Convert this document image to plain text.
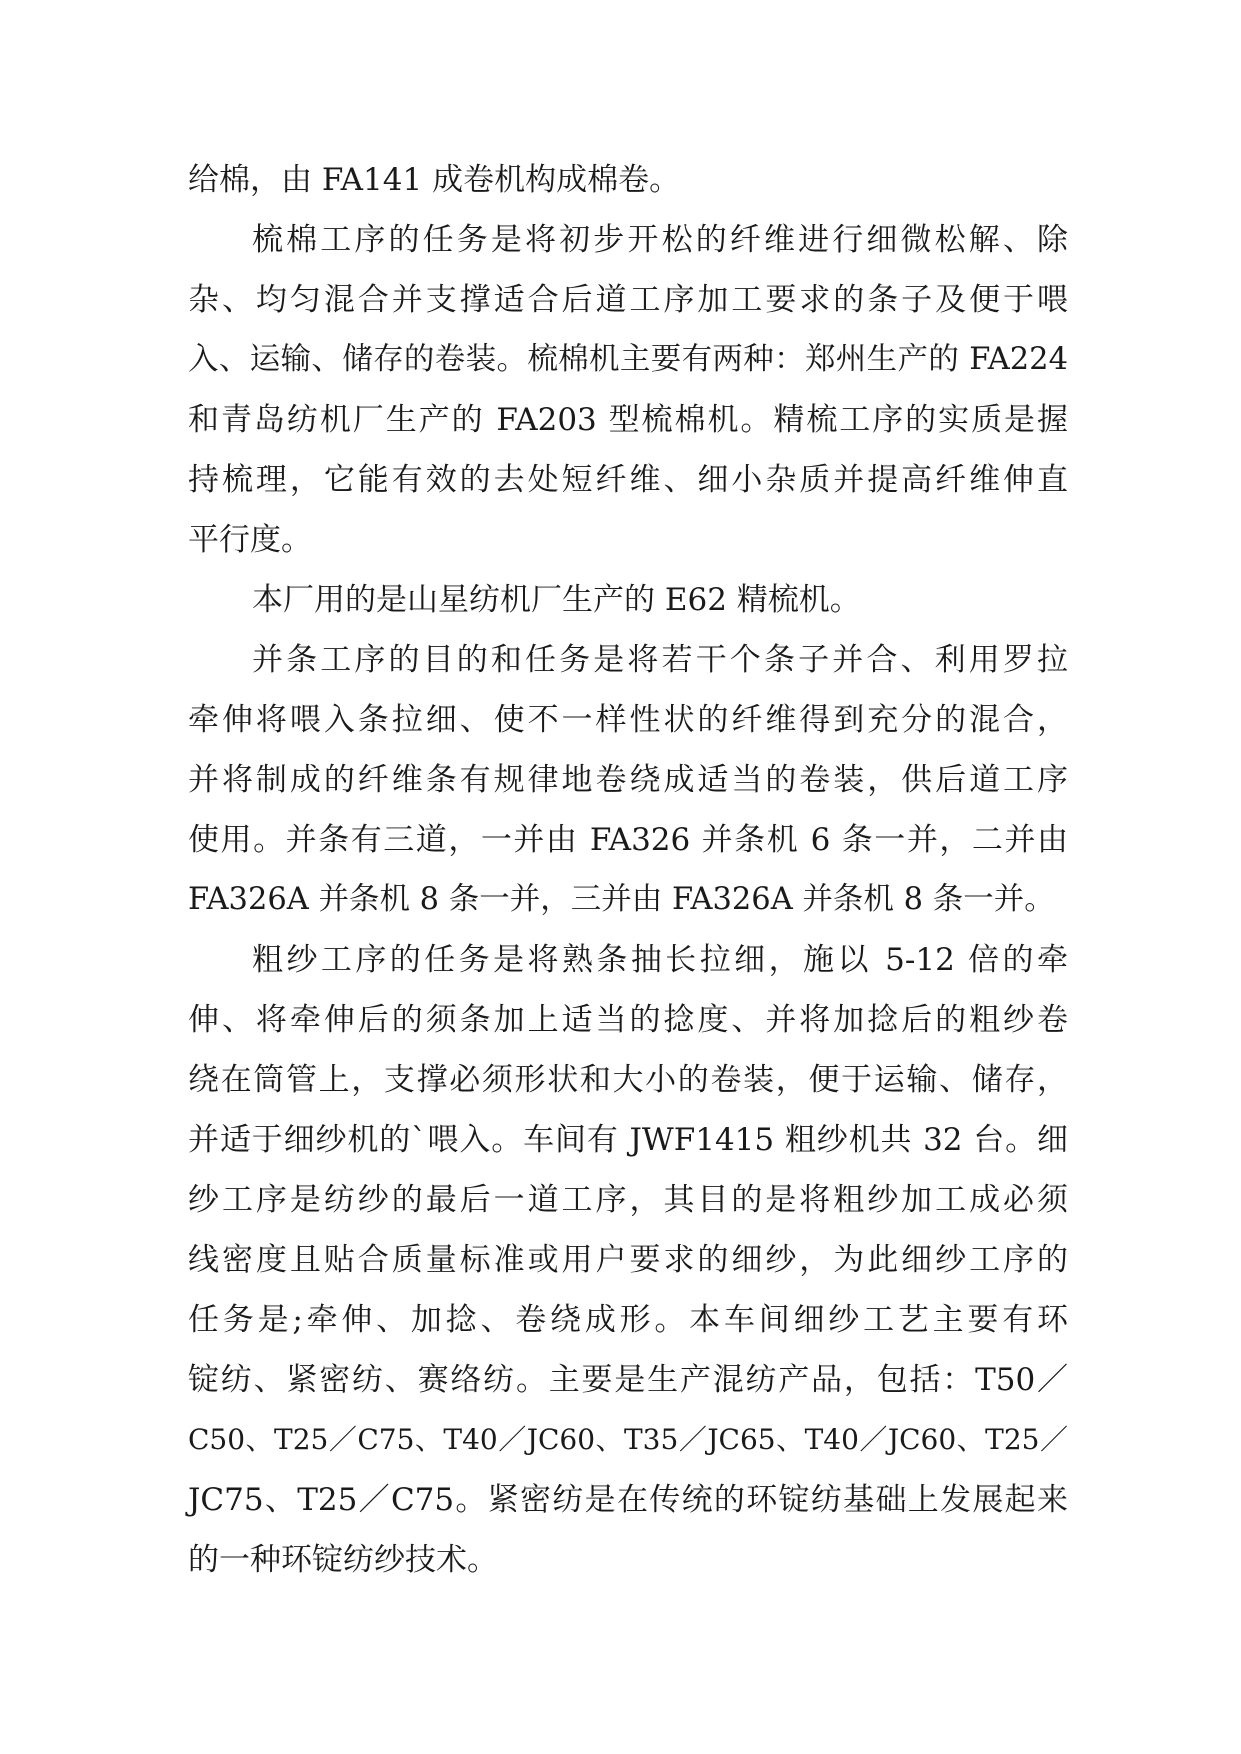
给棉，由 FA141 成卷机构成棉卷。
梳棉工序的任务是将初步开松的纤维进行细微松解、除
杂、均匀混合并支撑适合后道工序加工要求的条子及便于喂
入、运输、储存的卷装。梳棉机主要有两种：郑州生产的 FA224
和青岛纺机厂生产的 FA203 型梳棉机。精梳工序的实质是握
持梳理，它能有效的去处短纤维、细小杂质并提高纤维伸直
平行度。
本厂用的是山星纺机厂生产的 E62 精梳机。
并条工序的目的和任务是将若干个条子并合、利用罗拉
牵伸将喂入条拉细、使不一样性状的纤维得到充分的混合，
并将制成的纤维条有规律地卷绕成适当的卷装，供后道工序
使用。并条有三道，一并由 FA326 并条机 6 条一并，二并由
FA326A 并条机 8 条一并，三并由 FA326A 并条机 8 条一并。
粗纱工序的任务是将熟条抽长拉细，施以 5-12 倍的牵
伸、将牵伸后的须条加上适当的捻度、并将加捻后的粗纱卷
绕在筒管上，支撑必须形状和大小的卷装，便于运输、储存，
并适于细纱机的`喂入。车间有 JWF1415 粗纱机共 32 台。细
纱工序是纺纱的最后一道工序，其目的是将粗纱加工成必须
线密度且贴合质量标准或用户要求的细纱，为此细纱工序的
任务是;牵伸、加捻、卷绕成形。本车间细纱工艺主要有环
锭纺、紧密纺、赛络纺。主要是生产混纺产品，包括：T50／
C50、T25／C75、T40／JC60、T35／JC65、T40／JC60、T25／
JC75、T25／C75。紧密纺是在传统的环锭纺基础上发展起来
的一种环锭纺纱技术。
